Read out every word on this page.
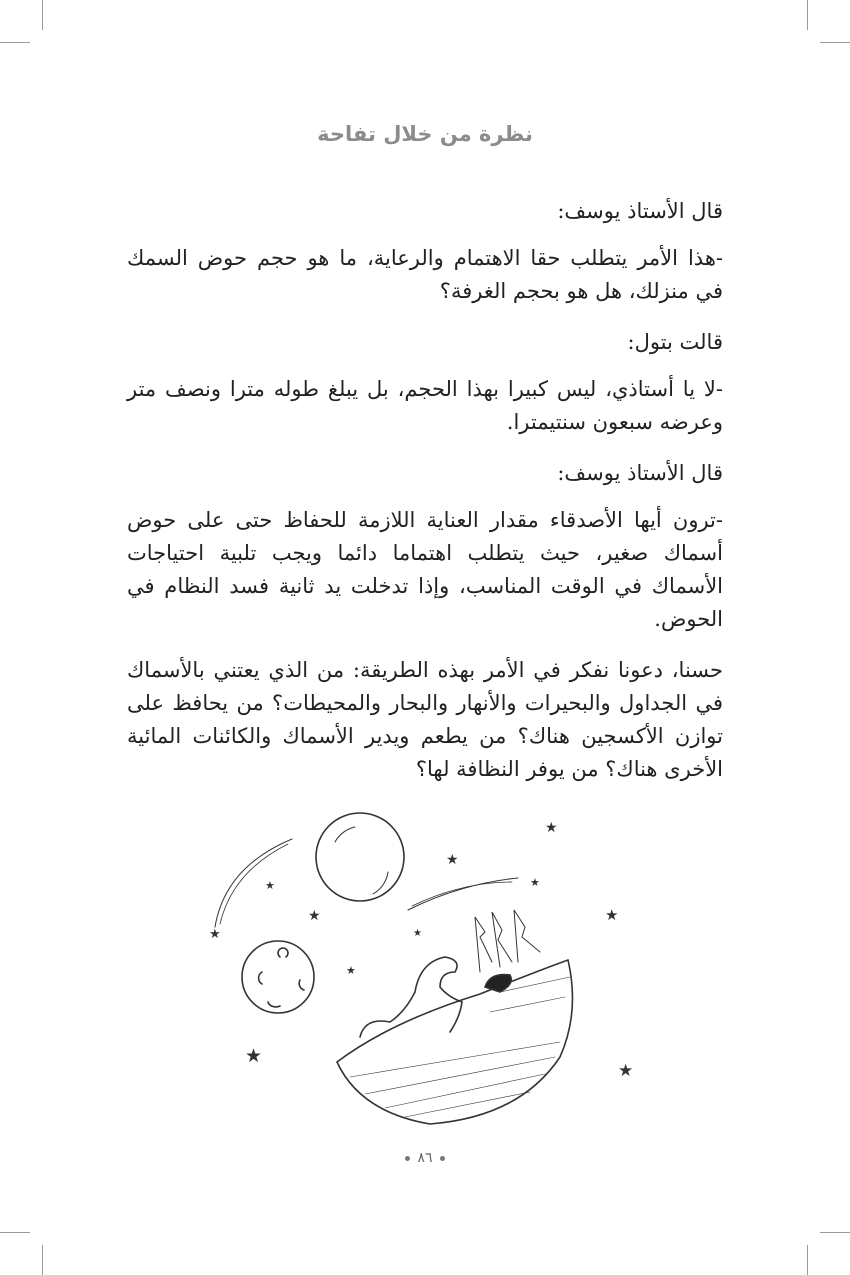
نظرة من خلال تفاحة

قال الأستاذ يوسف:

-هذا الأمر يتطلب حقا الاهتمام والرعاية، ما هو حجم حوض السمك في منزلك، هل هو بحجم الغرفة؟

قالت بتول:

-لا يا أستاذي، ليس كبيرا بهذا الحجم، بل يبلغ طوله مترا ونصف متر وعرضه سبعون سنتيمترا.

قال الأستاذ يوسف:

-ترون أيها الأصدقاء مقدار العناية اللازمة للحفاظ حتى على حوض أسماك صغير، حيث يتطلب اهتماما دائما ويجب تلبية احتياجات الأسماك في الوقت المناسب، وإذا تدخلت يد ثانية فسد النظام في الحوض.

حسنا، دعونا نفكر في الأمر بهذه الطريقة: من الذي يعتني بالأسماك في الجداول والبحيرات والأنهار والبحار والمحيطات؟ من يحافظ على توازن الأكسجين هناك؟ من يطعم ويدير الأسماك والكائنات المائية الأخرى هناك؟ من يوفر النظافة لها؟

★
★
★	★
★
★	★
★
★
★
★
٨٦
